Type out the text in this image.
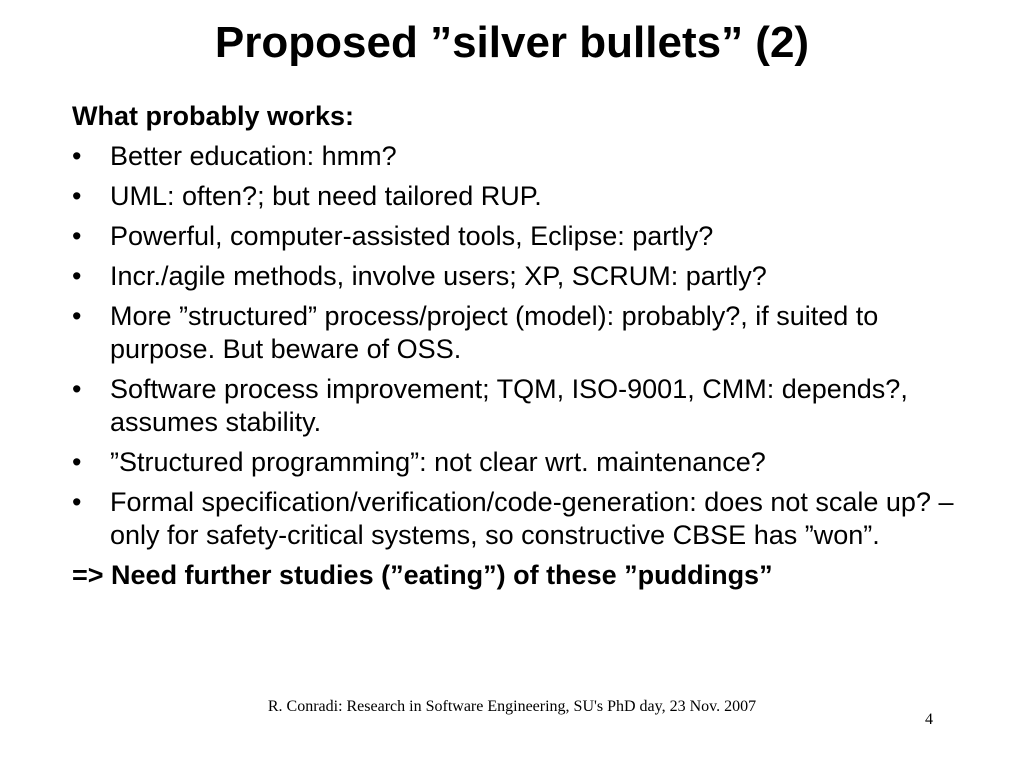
Proposed ”silver bullets” (2)
What probably works:
• Better education: hmm?
• UML: often?; but need tailored RUP.
• Powerful, computer-assisted tools, Eclipse: partly?
• Incr./agile methods, involve users; XP, SCRUM: partly?
• More ”structured” process/project (model): probably?, if suited to purpose. But beware of OSS.
• Software process improvement; TQM, ISO-9001, CMM: depends?, assumes stability.
• ”Structured programming”: not clear wrt. maintenance?
• Formal specification/verification/code-generation: does not scale up? – only for safety-critical systems, so constructive CBSE has ”won”.
=> Need further studies (”eating”) of these ”puddings”
R. Conradi: Research in Software Engineering, SU's PhD day, 23 Nov. 2007
4
